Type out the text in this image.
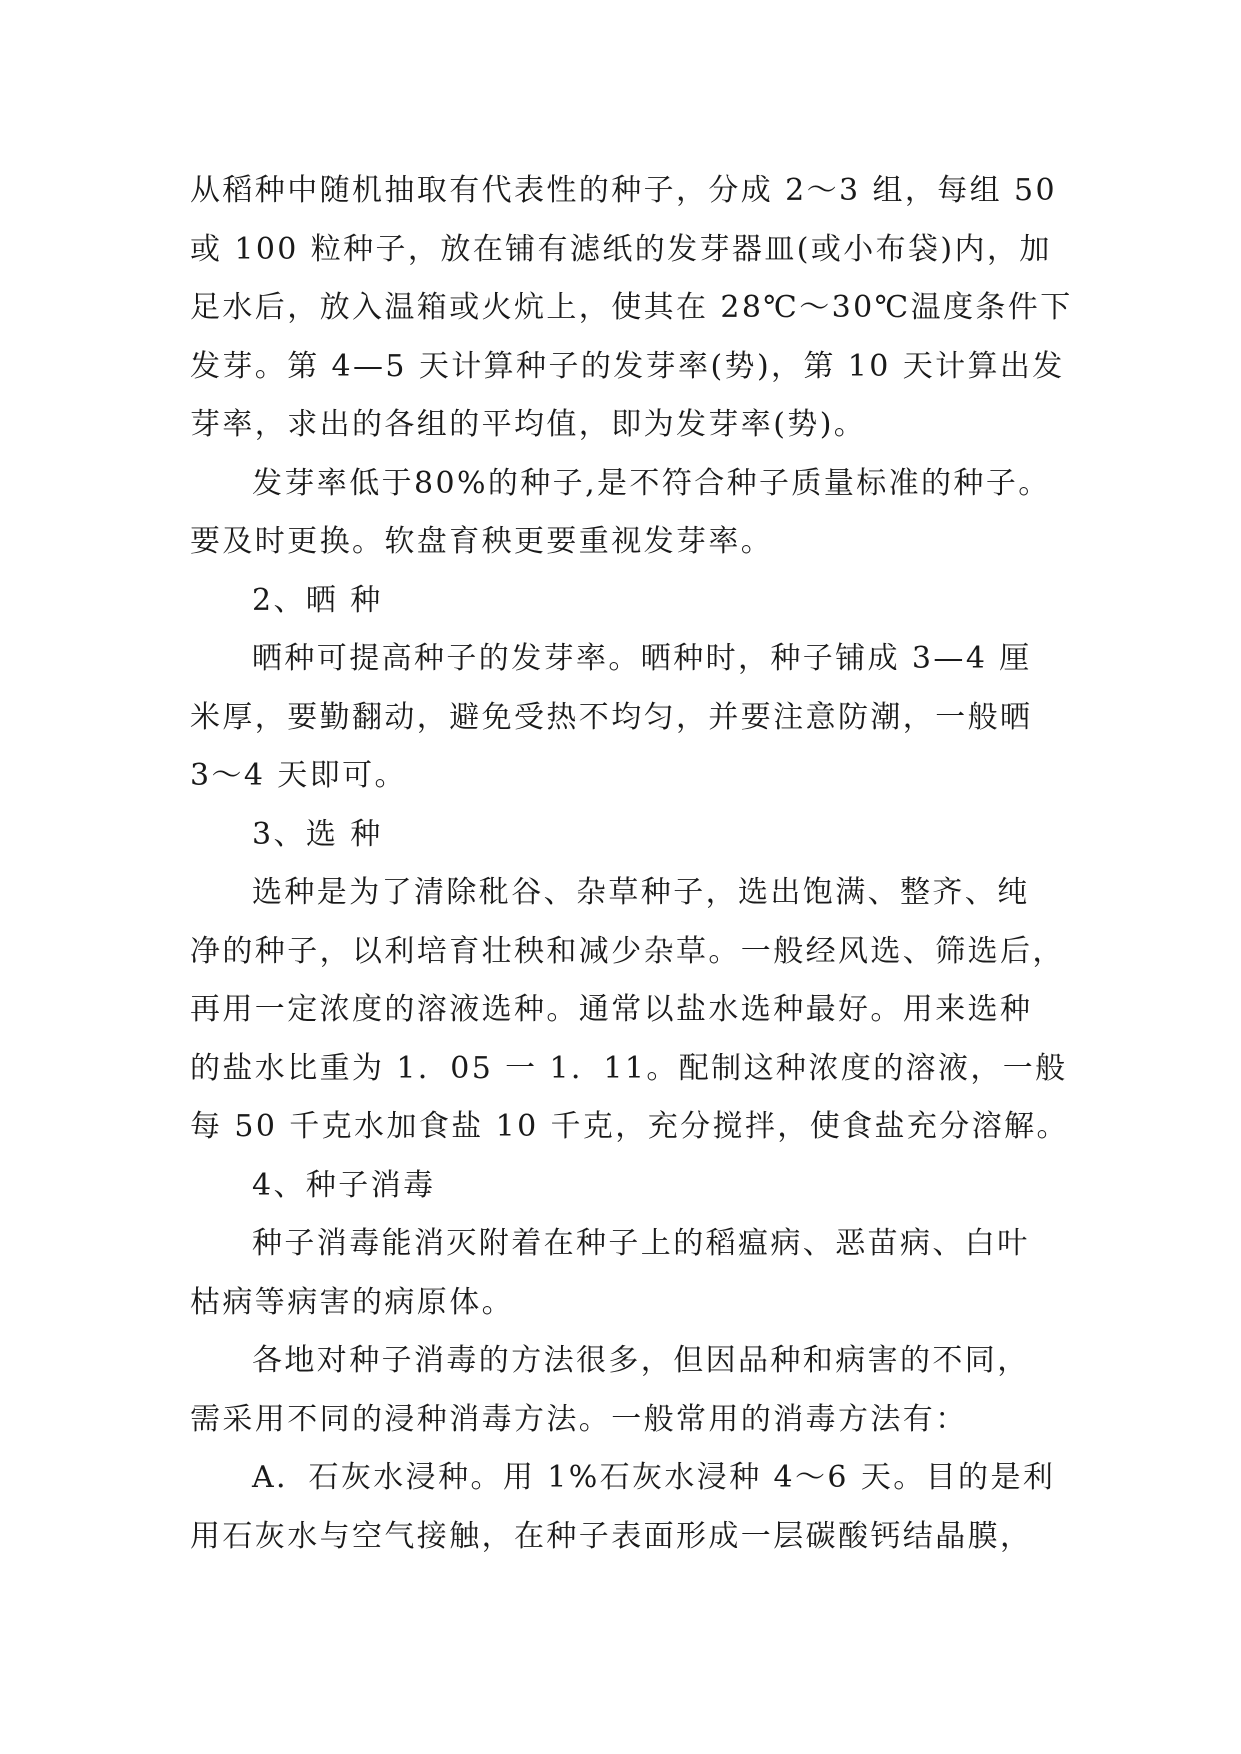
从稻种中随机抽取有代表性的种子，分成 2～3 组，每组 50
或 100 粒种子，放在铺有滤纸的发芽器皿(或小布袋)内，加
足水后，放入温箱或火炕上，使其在 28℃～30℃温度条件下
发芽。第 4—5 天计算种子的发芽率(势)，第 10 天计算出发
芽率，求出的各组的平均值，即为发芽率(势)。
发芽率低于80%的种子,是不符合种子质量标准的种子。
要及时更换。软盘育秧更要重视发芽率。
2、晒 种
晒种可提高种子的发芽率。晒种时，种子铺成 3—4 厘
米厚，要勤翻动，避免受热不均匀，并要注意防潮，一般晒
3～4 天即可。
3、选 种
选种是为了清除秕谷、杂草种子，选出饱满、整齐、纯
净的种子，以利培育壮秧和减少杂草。一般经风选、筛选后，
再用一定浓度的溶液选种。通常以盐水选种最好。用来选种
的盐水比重为 1．05 一 1．11。配制这种浓度的溶液，一般
每 50 千克水加食盐 10 千克，充分搅拌，使食盐充分溶解。
4、种子消毒
种子消毒能消灭附着在种子上的稻瘟病、恶苗病、白叶
枯病等病害的病原体。
各地对种子消毒的方法很多，但因品种和病害的不同，
需采用不同的浸种消毒方法。一般常用的消毒方法有：
A．石灰水浸种。用 1%石灰水浸种 4～6 天。目的是利
用石灰水与空气接触，在种子表面形成一层碳酸钙结晶膜，
